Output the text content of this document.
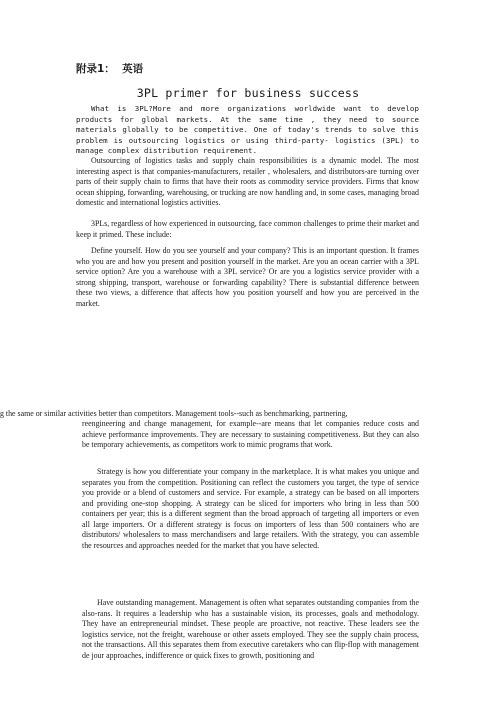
附录1：  英语
3PL primer for business success

What is 3PL?More and more organizations worldwide want to develop products for global markets. At the same time , they need to source materials globally to be competitive. One of today's trends to solve this problem is outsourcing logistics or using third-party- logistics (3PL) to manage complex distribution requirement.

Outsourcing of logistics tasks and supply chain responsibilities is a dynamic model. The most interesting aspect is that companies-manufacturers, retailer , wholesalers, and distributors-are turning over parts of their supply chain to firms that have their roots as commodity service providers. Firms that know ocean shipping, forwarding, warehousing, or trucking are now handling and, in some cases, managing broad domestic and international logistics activities.

3PLs, regardless of how experienced in outsourcing, face common challenges to prime their market and keep it primed. These include:

Define yourself. How do you see yourself and your company? This is an important question. It frames who you are and how you present and position yourself in the market. Are you an ocean carrier with a 3PL service option? Are you a warehouse with a 3PL service? Or are you a logistics service provider with a strong shipping, transport, warehouse or forwarding capability? There is substantial difference between these two views, a difference that affects how you position yourself and how you are perceived in the market.

g the same or similar activities better than competitors. Management tools--such as benchmarking, partnering,

reengineering and change management, for example--are means that let companies reduce costs and achieve performance improvements. They are necessary to sustaining competitiveness. But they can also be temporary achievements, as competitors work to mimic programs that work.

Strategy is how you differentiate your company in the marketplace. It is what makes you unique and separates you from the competition. Positioning can reflect the customers you target, the type of service you provide or a blend of customers and service. For example, a strategy can be based on all importers and providing one-stop shopping. A strategy can be sliced for importers who bring in less than 500 containers per year; this is a different segment than the broad approach of targeting all importers or even all large importers. Or a different strategy is focus on importers of less than 500 containers who are distributors/ wholesalers to mass merchandisers and large retailers. With the strategy, you can assemble the resources and approaches needed for the market that you have selected.

Have outstanding management. Management is often what separates outstanding companies from the also-rans. It requires a leadership who has a sustainable vision, its processes, goals and methodology. They have an entrepreneurial mindset. These people are proactive, not reactive. These leaders see the logistics service, not the freight, warehouse or other assets employed. They see the supply chain process, not the transactions. All this separates them from executive caretakers who can flip-flop with management de jour approaches, indifference or quick fixes to growth, positioning and
